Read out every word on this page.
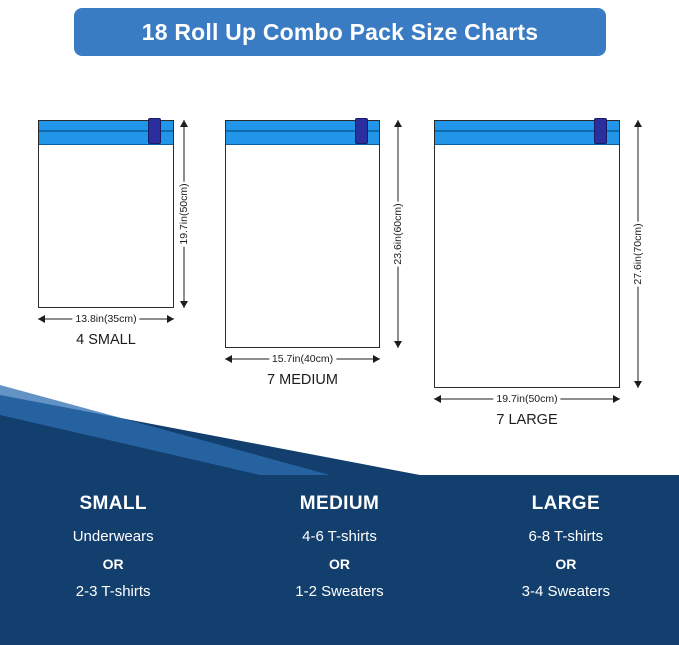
18 Roll Up Combo Pack Size Charts
19.7in(50cm)
13.8in(35cm)
4 SMALL
23.6in(60cm)
15.7in(40cm)
7 MEDIUM
27.6in(70cm)
19.7in(50cm)
7 LARGE
SMALL
Underwears
OR
2-3 T-shirts
MEDIUM
4-6 T-shirts
OR
1-2 Sweaters
LARGE
6-8 T-shirts
OR
3-4 Sweaters
